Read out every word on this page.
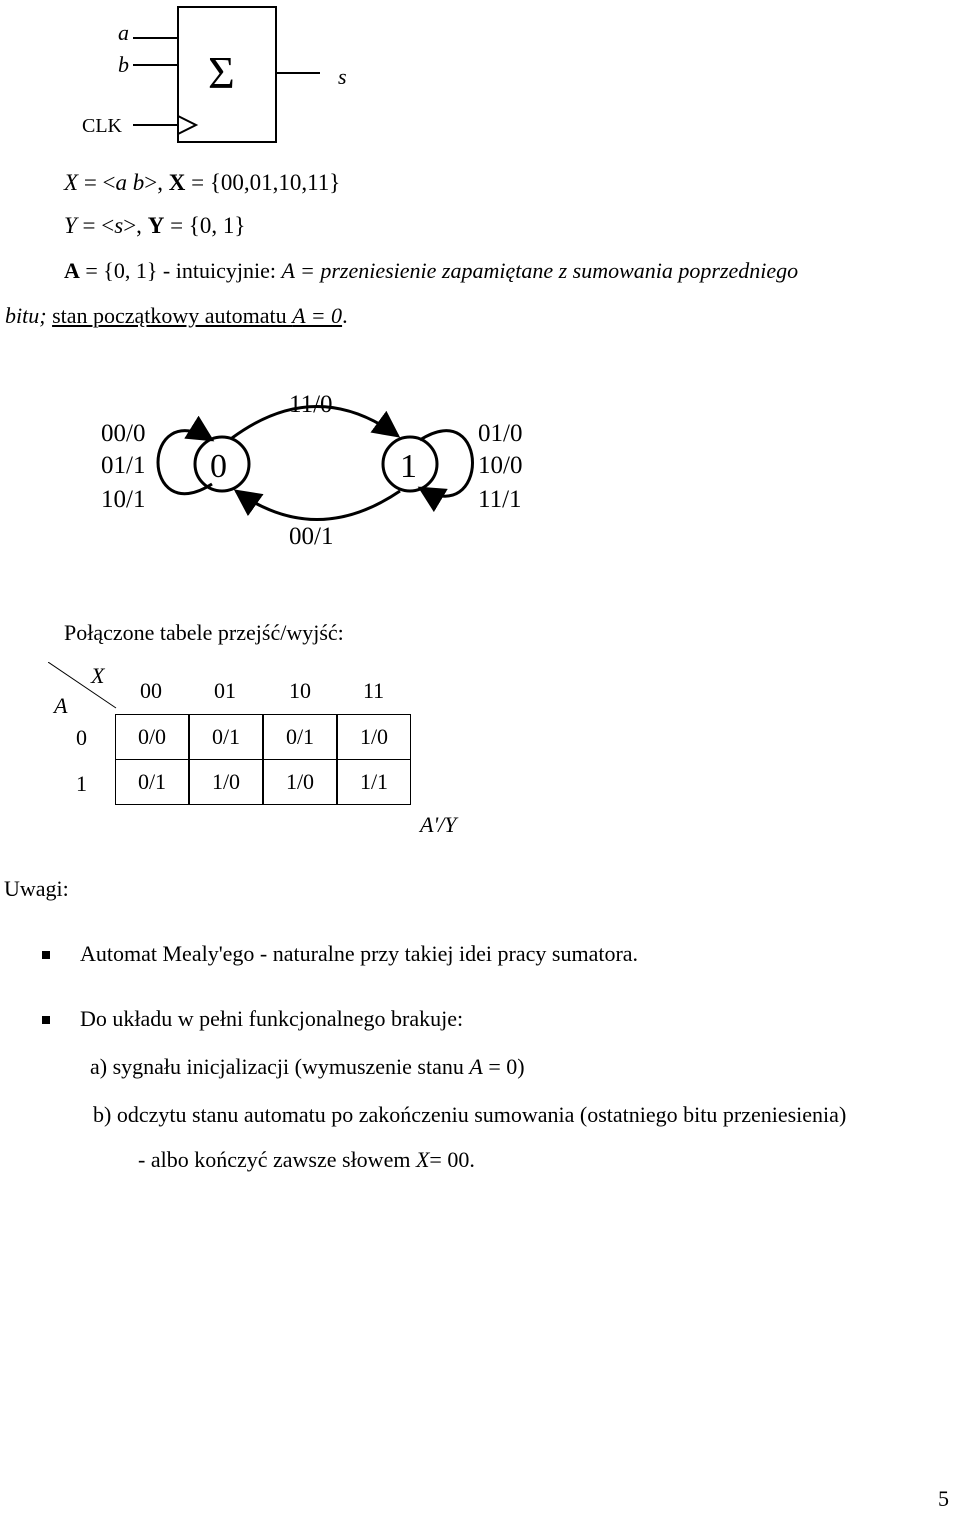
a
b
CLK
Σ	s
X = <a b>, X = {00,01,10,11}
Y = <s>, Y = {0, 1}
A = {0, 1} - intuicyjnie: A = przeniesienie zapamiętane z sumowania poprzedniego
bitu; stan początkowy automatu A = 0.
0	1
11/0
00/1
00/0
01/1
10/1
01/0
10/0
11/1
Połączone tabele przejść/wyjść:
X
A
00 01 10 11
0
1
0/0	0/1	0/1	1/0
0/1	1/0	1/0	1/1
A'/Y
Uwagi:
Automat Mealy'ego - naturalne przy takiej idei pracy sumatora.
Do układu w pełni funkcjonalnego brakuje:
a) sygnału inicjalizacji (wymuszenie stanu A = 0)
b) odczytu stanu automatu po zakończeniu sumowania (ostatniego bitu przeniesienia)
- albo kończyć zawsze słowem X= 00.
5
